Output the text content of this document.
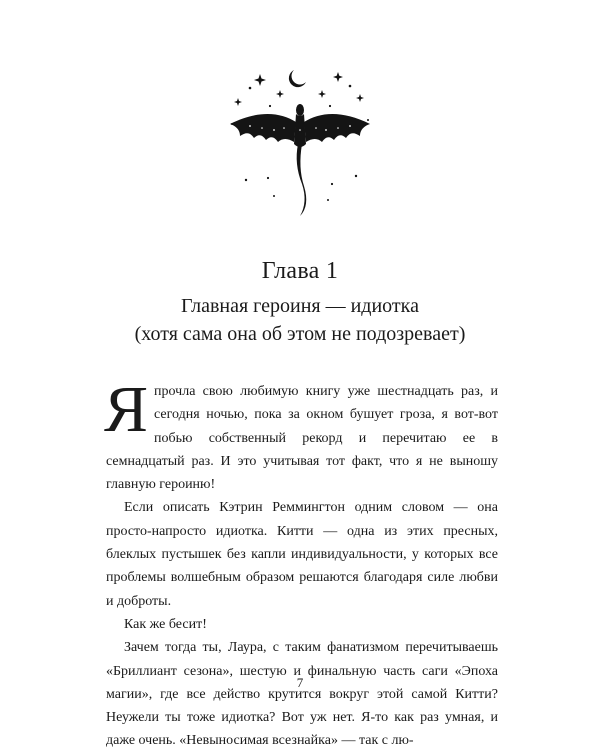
Глава 1
Главная героиня — идиотка
(хотя сама она об этом не подозревает)

Япрочла свою любимую книгу уже шестнадцать раз, и сегодня ночью, пока за окном бушует гроза, я вот-вот побью собственный рекорд и перечитаю ее в семнадцатый раз. И это учитывая тот факт, что я не выношу главную героиню!

Если описать Кэтрин Реммингтон одним словом — она просто-напросто идиотка. Китти — одна из этих пресных, блеклых пустышек без капли индивидуальности, у которых все проблемы волшебным образом решаются благодаря силе любви и доброты.

Как же бесит!

Зачем тогда ты, Лаура, с таким фанатизмом перечитываешь «Бриллиант сезона», шестую и финальную часть саги «Эпоха магии», где все действо крутится вокруг этой самой Китти? Неужели ты тоже идиотка? Вот уж нет. Я-то как раз умная, и даже очень. «Невыносимая всезнайка» — так с лю-

7
